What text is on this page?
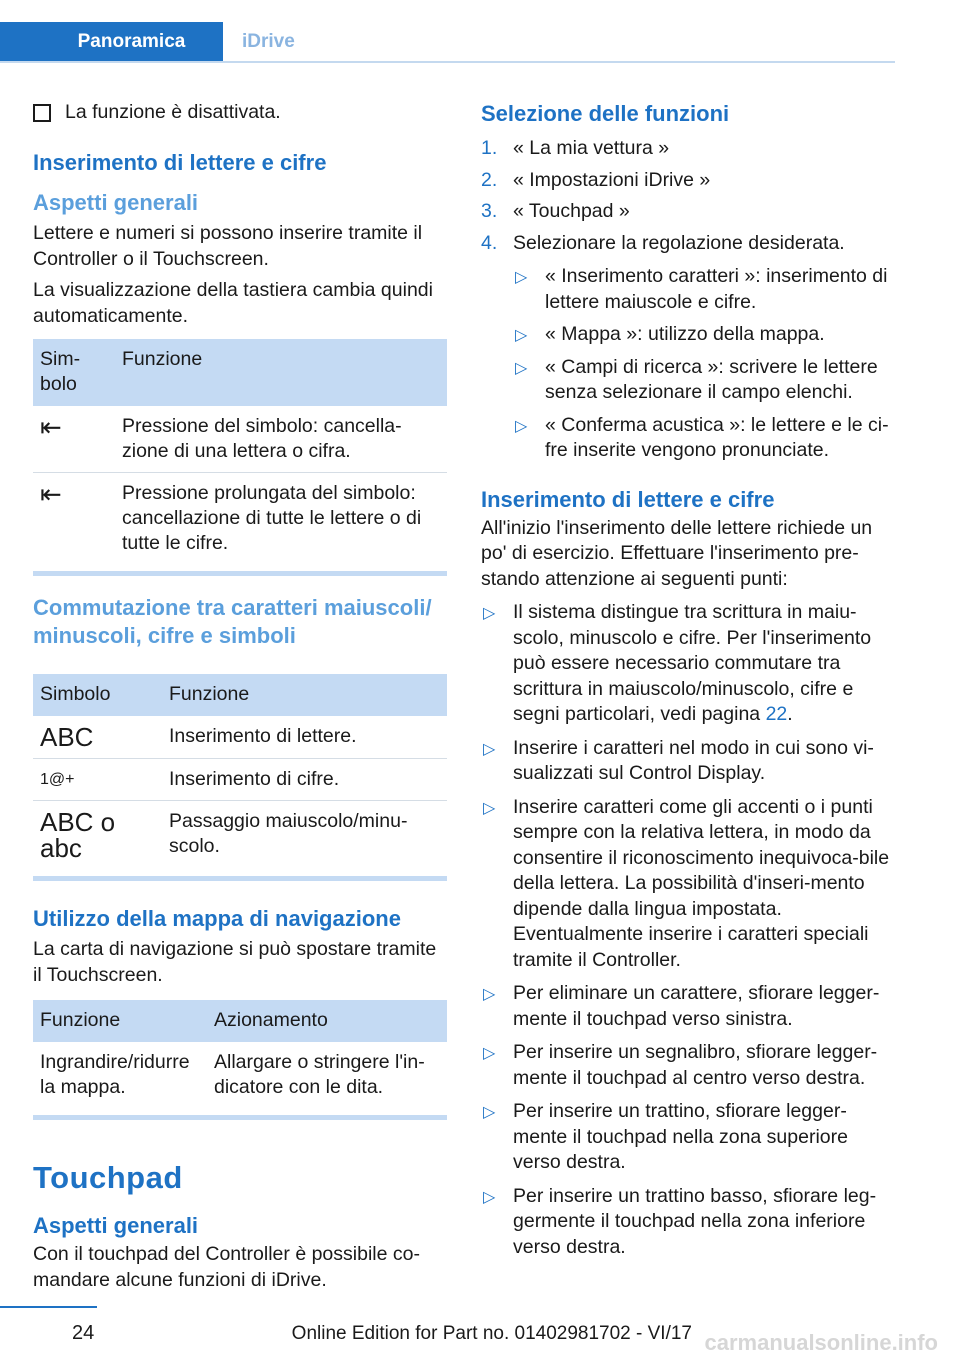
Panoramica	iDrive
La funzione è disattivata.
Inserimento di lettere e cifre
Aspetti generali

Lettere e numeri si possono inserire tramite il Controller o il Touchscreen.

La visualizzazione della tastiera cambia quindi automaticamente.

Sim-bolo	Funzione
⇤	Pressione del simbolo: cancella-zione di una lettera o cifra.
⇤	Pressione prolungata del simbolo: cancellazione di tutte le lettere o di tutte le cifre.
Commutazione tra caratteri maiuscoli/ minuscoli, cifre e simboli
Simbolo	Funzione
ABC	Inserimento di lettere.
1@+	Inserimento di cifre.
ABC o abc	Passaggio maiuscolo/minu-scolo.
Utilizzo della mappa di navigazione

La carta di navigazione si può spostare tramite il Touchscreen.

Funzione	Azionamento
Ingrandire/ridurre la mappa.	Allargare o stringere l'in-dicatore con le dita.
Touchpad
Aspetti generali

Con il touchpad del Controller è possibile co-mandare alcune funzioni di iDrive.

Selezione delle funzioni
1. « La mia vettura »
2. « Impostazioni iDrive »
3. « Touchpad »
4. Selezionare la regolazione desiderata.
▷ « Inserimento caratteri »: inserimento di lettere maiuscole e cifre.
▷ « Mappa »: utilizzo della mappa.
▷ « Campi di ricerca »: scrivere le lettere senza selezionare il campo elenchi.
▷ « Conferma acustica »: le lettere e le ci-fre inserite vengono pronunciate.
Inserimento di lettere e cifre

All'inizio l'inserimento delle lettere richiede un po' di esercizio. Effettuare l'inserimento pre-stando attenzione ai seguenti punti:

▷ Il sistema distingue tra scrittura in maiu-scolo, minuscolo e cifre. Per l'inserimento può essere necessario commutare tra scrittura in maiuscolo/minuscolo, cifre e segni particolari, vedi pagina 22.
▷ Inserire i caratteri nel modo in cui sono vi-sualizzati sul Control Display.
▷ Inserire caratteri come gli accenti o i punti sempre con la relativa lettera, in modo da consentire il riconoscimento inequivoca-bile della lettera. La possibilità d'inseri-mento dipende dalla lingua impostata. Eventualmente inserire i caratteri speciali tramite il Controller.
▷ Per eliminare un carattere, sfiorare legger-mente il touchpad verso sinistra.
▷ Per inserire un segnalibro, sfiorare legger-mente il touchpad al centro verso destra.
▷ Per inserire un trattino, sfiorare legger-mente il touchpad nella zona superiore verso destra.
▷ Per inserire un trattino basso, sfiorare leg-germente il touchpad nella zona inferiore verso destra.
24	Online Edition for Part no. 01402981702 - VI/17 carmanualsonline.info
